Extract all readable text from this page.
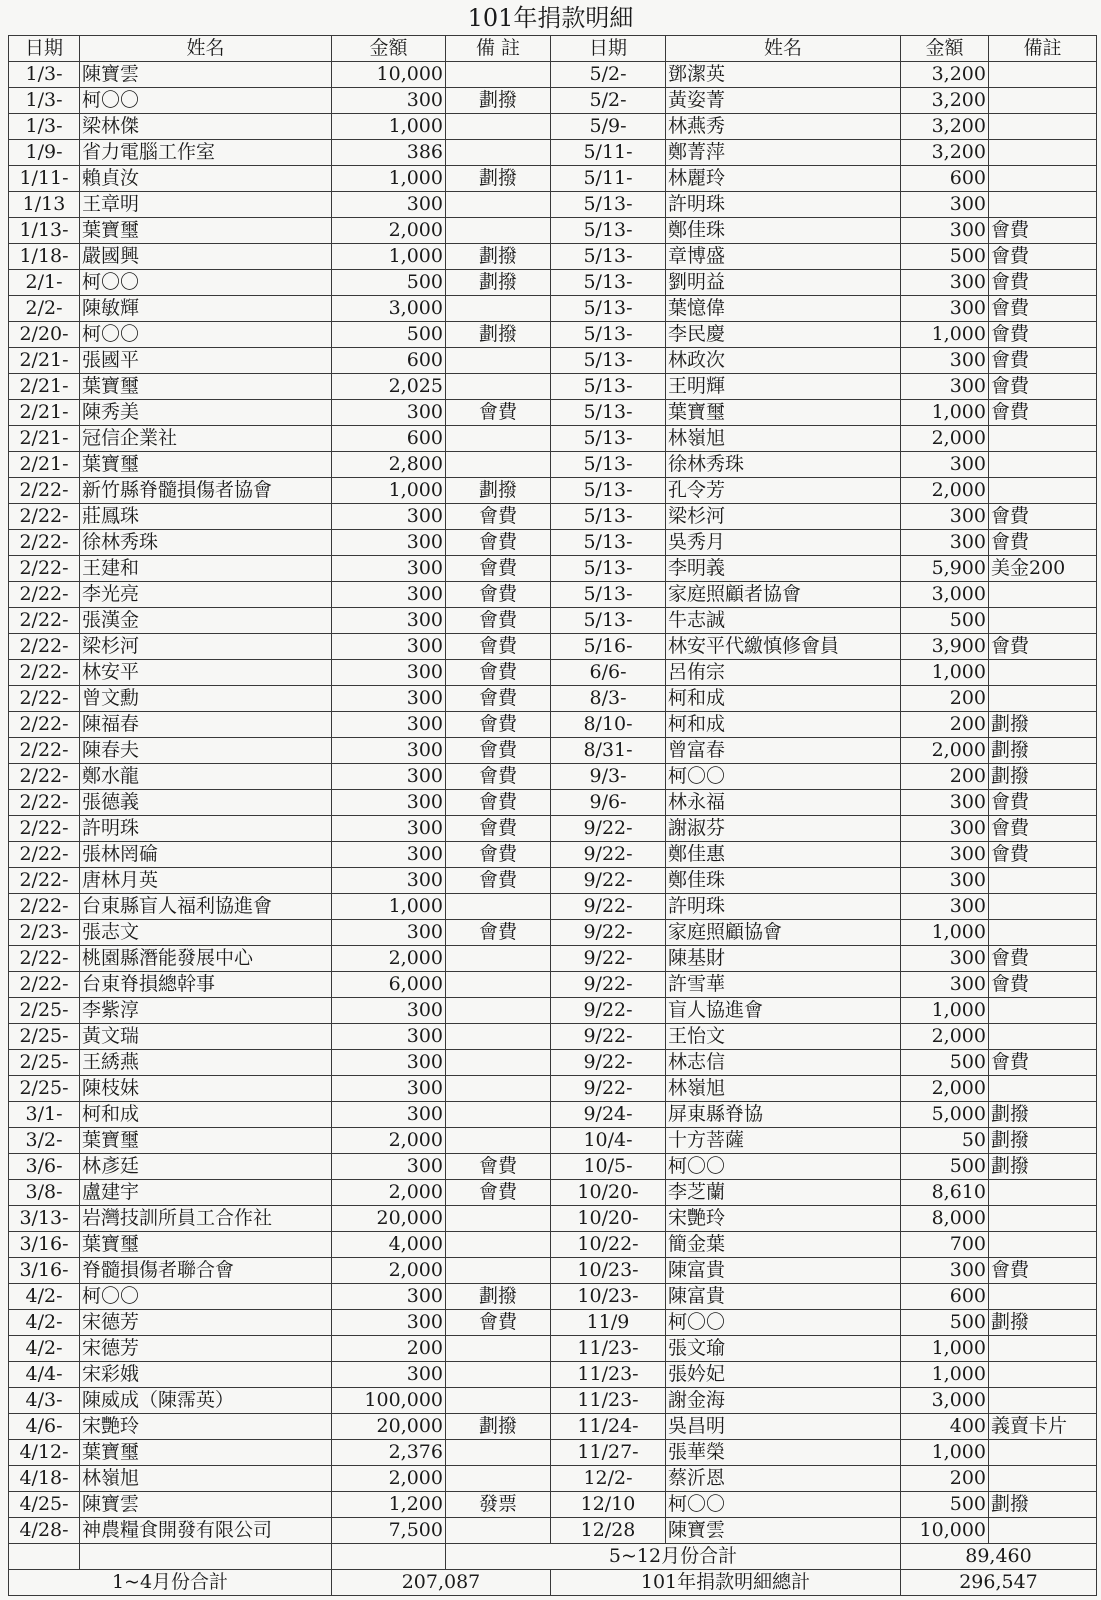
101年捐款明細
日期	姓名	金額	備 註	日期	姓名	金額	備註
1/3-	陳寶雲	10,000		5/2-	鄧潔英	3,200	
1/3-	柯〇〇	300	劃撥	5/2-	黃姿菁	3,200	
1/3-	梁林傑	1,000		5/9-	林燕秀	3,200	
1/9-	省力電腦工作室	386		5/11-	鄭菁萍	3,200	
1/11-	賴貞汝	1,000	劃撥	5/11-	林麗玲	600	
1/13	王章明	300		5/13-	許明珠	300	
1/13-	葉寶璽	2,000		5/13-	鄭佳珠	300	會費
1/18-	嚴國興	1,000	劃撥	5/13-	章博盛	500	會費
2/1-	柯〇〇	500	劃撥	5/13-	劉明益	300	會費
2/2-	陳敏輝	3,000		5/13-	葉憶偉	300	會費
2/20-	柯〇〇	500	劃撥	5/13-	李民慶	1,000	會費
2/21-	張國平	600		5/13-	林政次	300	會費
2/21-	葉寶璽	2,025		5/13-	王明輝	300	會費
2/21-	陳秀美	300	會費	5/13-	葉寶璽	1,000	會費
2/21-	冠信企業社	600		5/13-	林嶺旭	2,000	
2/21-	葉寶璽	2,800		5/13-	徐林秀珠	300	
2/22-	新竹縣脊髓損傷者協會	1,000	劃撥	5/13-	孔令芳	2,000	
2/22-	莊鳳珠	300	會費	5/13-	梁杉河	300	會費
2/22-	徐林秀珠	300	會費	5/13-	吳秀月	300	會費
2/22-	王建和	300	會費	5/13-	李明義	5,900	美金200
2/22-	李光亮	300	會費	5/13-	家庭照顧者協會	3,000	
2/22-	張漢金	300	會費	5/13-	牛志誠	500	
2/22-	梁杉河	300	會費	5/16-	林安平代繳慎修會員	3,900	會費
2/22-	林安平	300	會費	6/6-	呂侑宗	1,000	
2/22-	曾文勳	300	會費	8/3-	柯和成	200	
2/22-	陳福春	300	會費	8/10-	柯和成	200	劃撥
2/22-	陳春夫	300	會費	8/31-	曾富春	2,000	劃撥
2/22-	鄭水龍	300	會費	9/3-	柯〇〇	200	劃撥
2/22-	張德義	300	會費	9/6-	林永福	300	會費
2/22-	許明珠	300	會費	9/22-	謝淑芬	300	會費
2/22-	張林罔碖	300	會費	9/22-	鄭佳惠	300	會費
2/22-	唐林月英	300	會費	9/22-	鄭佳珠	300	
2/22-	台東縣盲人福利協進會	1,000		9/22-	許明珠	300	
2/23-	張志文	300	會費	9/22-	家庭照顧協會	1,000	
2/22-	桃園縣潛能發展中心	2,000		9/22-	陳基財	300	會費
2/22-	台東脊損總幹事	6,000		9/22-	許雪華	300	會費
2/25-	李紫淳	300		9/22-	盲人協進會	1,000	
2/25-	黃文瑞	300		9/22-	王怡文	2,000	
2/25-	王綉燕	300		9/22-	林志信	500	會費
2/25-	陳枝妹	300		9/22-	林嶺旭	2,000	
3/1-	柯和成	300		9/24-	屏東縣脊協	5,000	劃撥
3/2-	葉寶璽	2,000		10/4-	十方菩薩	50	劃撥
3/6-	林彥廷	300	會費	10/5-	柯〇〇	500	劃撥
3/8-	盧建宇	2,000	會費	10/20-	李芝蘭	8,610	
3/13-	岩灣技訓所員工合作社	20,000		10/20-	宋艷玲	8,000	
3/16-	葉寶璽	4,000		10/22-	簡金葉	700	
3/16-	脊髓損傷者聯合會	2,000		10/23-	陳富貴	300	會費
4/2-	柯〇〇	300	劃撥	10/23-	陳富貴	600	
4/2-	宋德芳	300	會費	11/9	柯〇〇	500	劃撥
4/2-	宋德芳	200		11/23-	張文瑜	1,000	
4/4-	宋彩娥	300		11/23-	張妗妃	1,000	
4/3-	陳威成（陳霈英）	100,000		11/23-	謝金海	3,000	
4/6-	宋艷玲	20,000	劃撥	11/24-	吳昌明	400	義賣卡片
4/12-	葉寶璽	2,376		11/27-	張華榮	1,000	
4/18-	林嶺旭	2,000		12/2-	蔡沂恩	200	
4/25-	陳寶雲	1,200	發票	12/10	柯〇〇	500	劃撥
4/28-	神農糧食開發有限公司	7,500		12/28	陳寶雲	10,000	
			5~12月份合計			89,460	
1~4月份合計		207,087		101年捐款明細總計		296,547	
